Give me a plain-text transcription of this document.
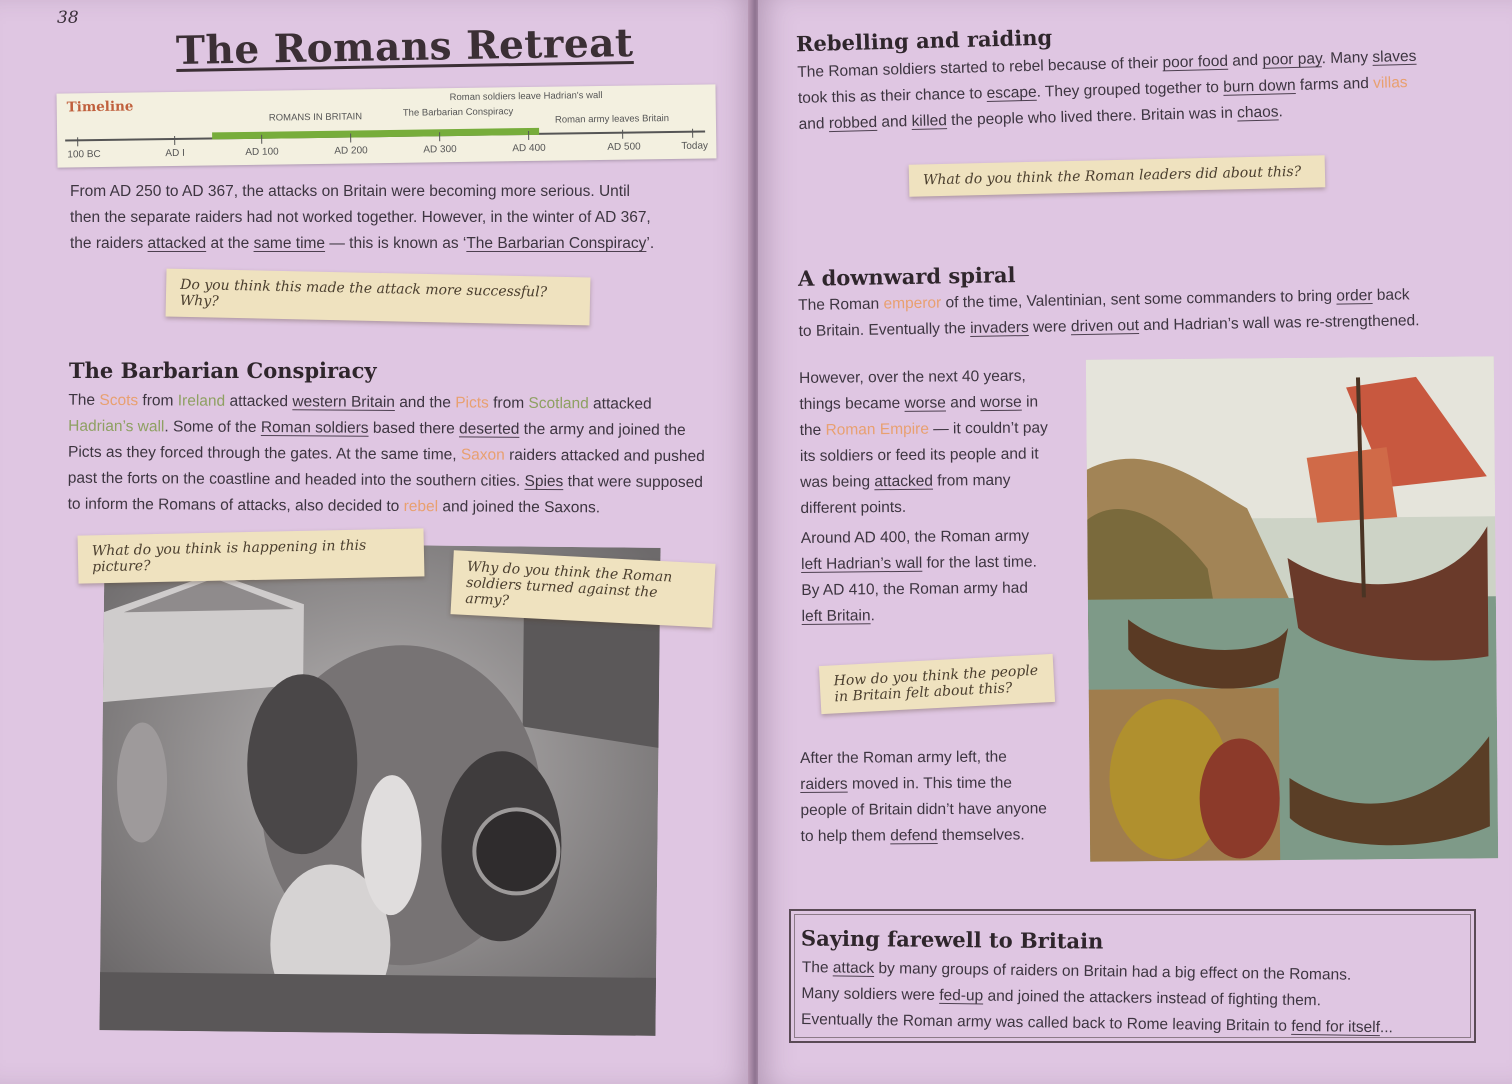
38
The Romans Retreat
Timeline
100 BC	AD I	AD 100	AD 200	AD 300	AD 400	AD 500	Today
ROMANS IN BRITAIN	The Barbarian Conspiracy
Roman soldiers leave Hadrian's wall
Roman army leaves Britain
From AD 250 to AD 367, the attacks on Britain were becoming more serious. Until
then the separate raiders had not worked together. However, in the winter of AD 367,
the raiders attacked at the same time — this is known as ‘The Barbarian Conspiracy’.
Do you think this made the attack more successful? Why?
The Barbarian Conspiracy
The Scots from Ireland attacked western Britain and the Picts from Scotland attacked
Hadrian’s wall. Some of the Roman soldiers based there deserted the army and joined the
Picts as they forced through the gates. At the same time, Saxon raiders attacked and pushed
past the forts on the coastline and headed into the southern cities. Spies that were supposed
to inform the Romans of attacks, also decided to rebel and joined the Saxons.
What do you think is happening in this picture?	Why do you think the Roman soldiers turned against the army?
Rebelling and raiding
The Roman soldiers started to rebel because of their poor food and poor pay. Many slaves
took this as their chance to escape. They grouped together to burn down farms and villas
and robbed and killed the people who lived there. Britain was in chaos.
What do you think the Roman leaders did about this?
A downward spiral
The Roman emperor of the time, Valentinian, sent some commanders to bring order back
to Britain. Eventually the invaders were driven out and Hadrian’s wall was re-strengthened.
However, over the next 40 years,
things became worse and worse in
the Roman Empire — it couldn’t pay
its soldiers or feed its people and it
was being attacked from many
different points.
Around AD 400, the Roman army
left Hadrian’s wall for the last time.
By AD 410, the Roman army had
left Britain.
How do you think the people in Britain felt about this?
After the Roman army left, the
raiders moved in. This time the
people of Britain didn’t have anyone
to help them defend themselves.
Saying farewell to Britain
The attack by many groups of raiders on Britain had a big effect on the Romans.
Many soldiers were fed-up and joined the attackers instead of fighting them.
Eventually the Roman army was called back to Rome leaving Britain to fend for itself...
